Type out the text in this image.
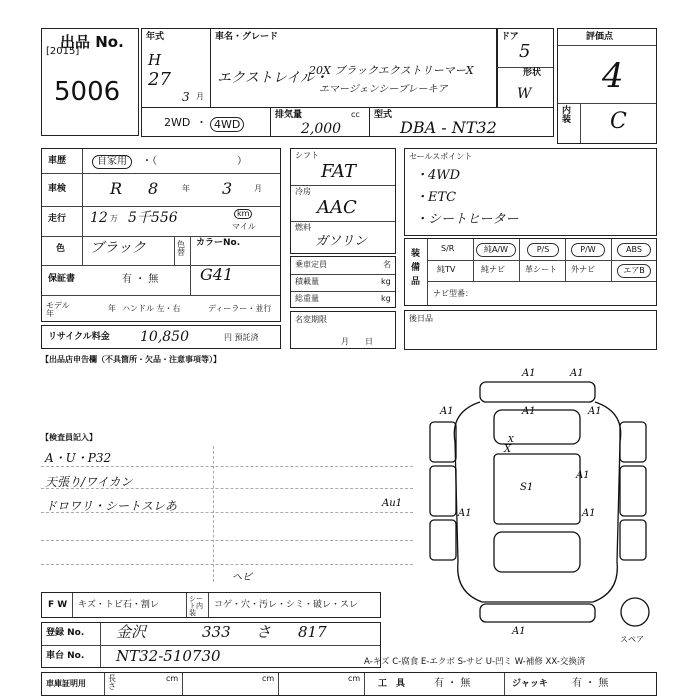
出品 No.
[2015]
5006
年式
H
27
3 月
車名・グレード
エクストレイル・
20X ブラックエクストリーマーX
エマージェンシーブレーキア
ドア
5
形状
W
評価点
4
内装 C
2WD ・ 4WD
排気量	cc
2,000
型式
DBA - NT32
車歴	自家用	・（　　　　　　　　）
車検	R 8	年 3	月
走行 12 万 5千556	km
マイル
色 ブラック	色替
カラーNo.
G41
保証書	有 ・ 無
モデル年
年 ハンドル 左・右	ディーラー・並行
リサイクル料金 10,850	円 預託済
シフト
FAT
冷房
AAC
燃料
ガソリン
乗車定員	名
積載量	kg
総重量	kg
名変期限
月　　日
セールスポイント
・4WD
・ETC
・シートヒーター
装備品
S/R	純A/W	P/S	P/W	ABS
純TV	純ナビ	革シート 外ナビ	エアB
ナビ型番：
後日品
【出品店申告欄（不具箇所・欠品・注意事項等）】
【検査員記入】
A・U・P32
天張り/ワイカン
ドロワリ・シートスレあ
A1	A1
X
A1
S1
A1	A1
A1
Au1
A1
X
A1
A1
スペア
F W キズ・トビ石・割レ
ヘビ
シート内装
コゲ・穴・汚レ・シミ・破レ・スレ
登録 No. 金沢	333 さ 817
車台 No. NT32-510730	A-キズ C-腐食 E-エクボ S-サビ U-凹ミ W-補修 XX-交換済
車庫証明用
長さ
cm	cm	cm
工　具	有 ・ 無	ジャッキ 有 ・ 無
